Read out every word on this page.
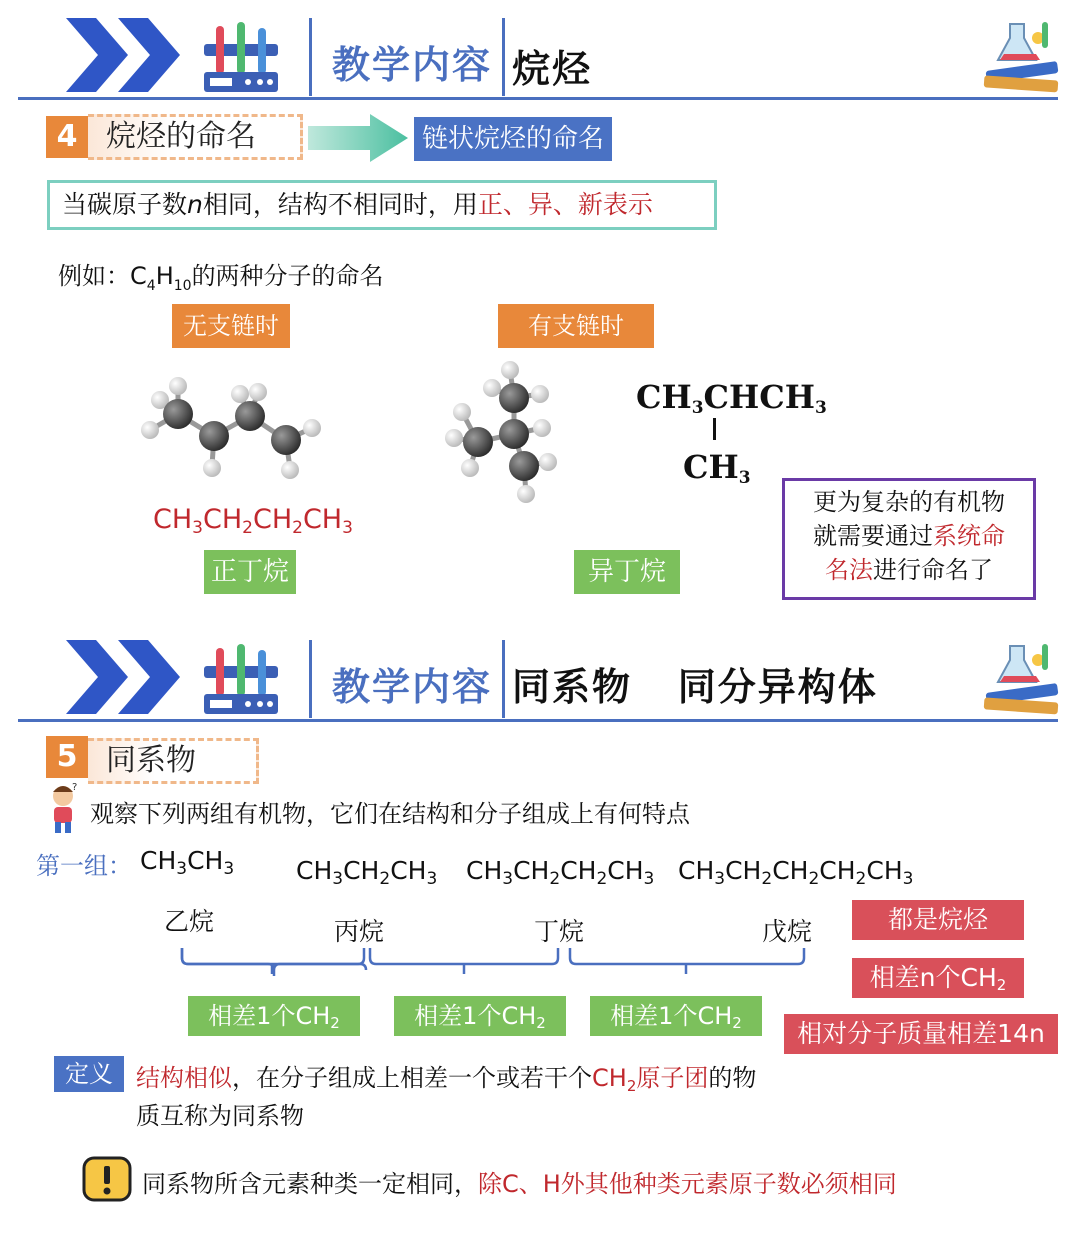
教学内容 烷烃
4 烷烃的命名	链状烷烃的命名
当碳原子数n相同，结构不相同时，用正、异、新表示
例如：$C_4H_{10}$的两种分子的命名
无支链时	有支链时
$CH_3CHCH_3$
$CH_3$
$CH_3CH_2CH_2CH_3$
正丁烷	异丁烷
更为复杂的有机物
就需要通过系统命
名法进行命名了
教学内容 同系物   同分异构体
5 同系物
?
观察下列两组有机物，它们在结构和分子组成上有何特点
第一组： $CH_3CH_3$ $CH_3CH_2CH_3$ $CH_3CH_2CH_2CH_3$ $CH_3CH_2CH_2CH_2CH_3$
乙烷	丙烷	丁烷	戊烷
相差1个$CH_2$	相差1个$CH_2$	相差1个$CH_2$
都是烷烃
相差n个$CH_2$
相对分子质量相差14n
定义 结构相似，在分子组成上相差一个或若干个$CH_2$原子团的物
质互称为同系物
同系物所含元素种类一定相同，除C、H外其他种类元素原子数必须相同
